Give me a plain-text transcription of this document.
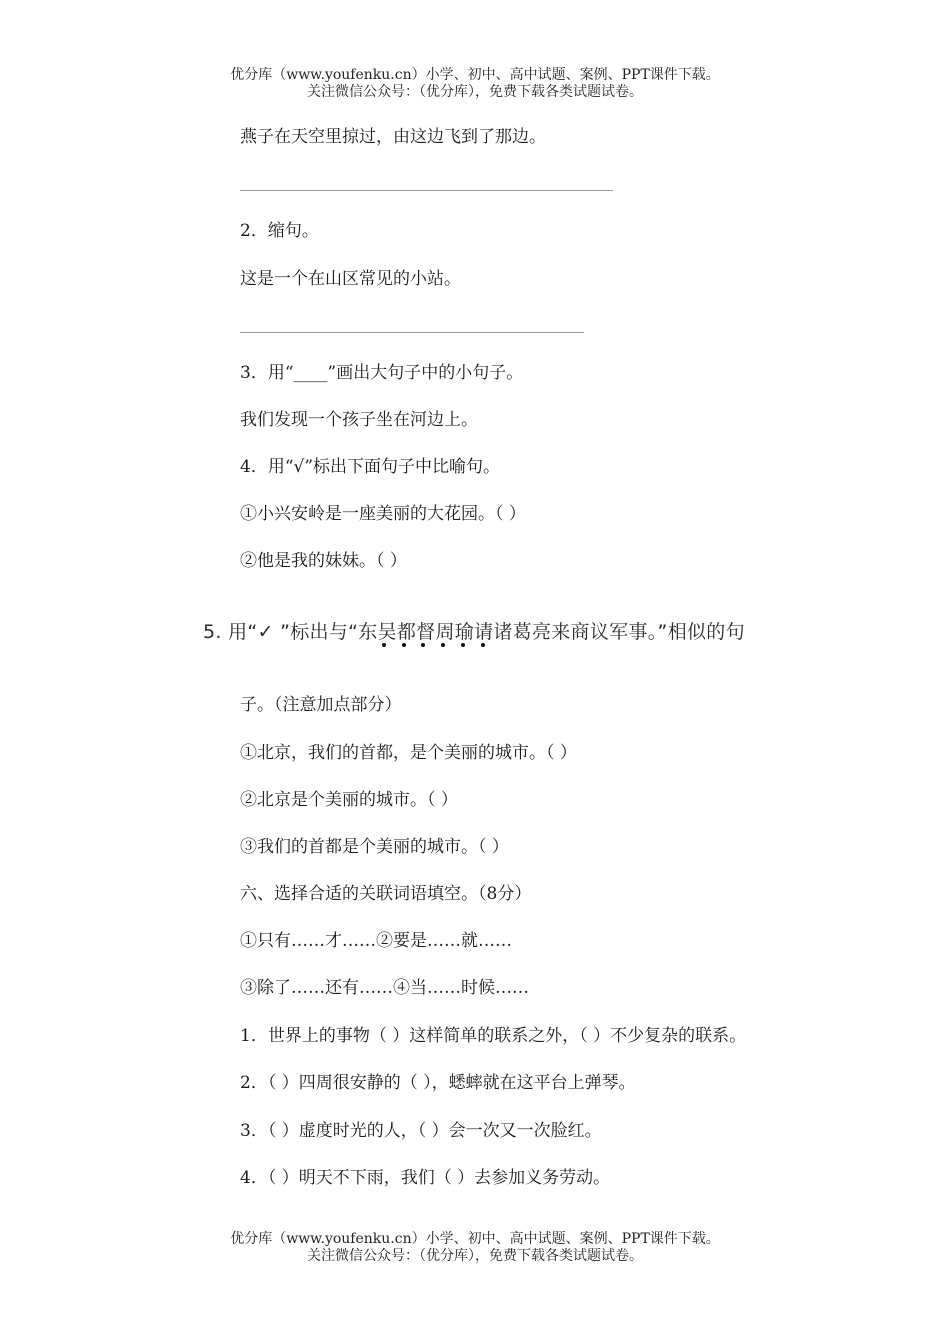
优分库（www.youfenku.cn）小学、初中、高中试题、案例、PPT课件下载。
关注微信公众号：（优分库），免费下载各类试题试卷。
燕子在天空里掠过，由这边飞到了那边。
2．缩句。
这是一个在山区常见的小站。
3．用“____”画出大句子中的小句子。
我们发现一个孩子坐在河边上。
4．用“√”标出下面句子中比喻句。
①小兴安岭是一座美丽的大花园。（ ）
②他是我的妹妹。（ ）
5. 用“✓ ”标出与“东吴都督周瑜请诸葛亮来商议军事。”相似的句
子。（注意加点部分）
①北京，我们的首都，是个美丽的城市。（ ）
②北京是个美丽的城市。（ ）
③我们的首都是个美丽的城市。（ ）
六、选择合适的关联词语填空。（8分）
①只有……才……②要是……就……
③除了……还有……④当……时候……
1．世界上的事物（ ）这样简单的联系之外，（ ）不少复杂的联系。
2．（ ）四周很安静的（ ），蟋蟀就在这平台上弹琴。
3．（ ）虚度时光的人，（ ）会一次又一次脸红。
4．（ ）明天不下雨，我们（ ）去参加义务劳动。
优分库（www.youfenku.cn）小学、初中、高中试题、案例、PPT课件下载。
关注微信公众号：（优分库），免费下载各类试题试卷。
